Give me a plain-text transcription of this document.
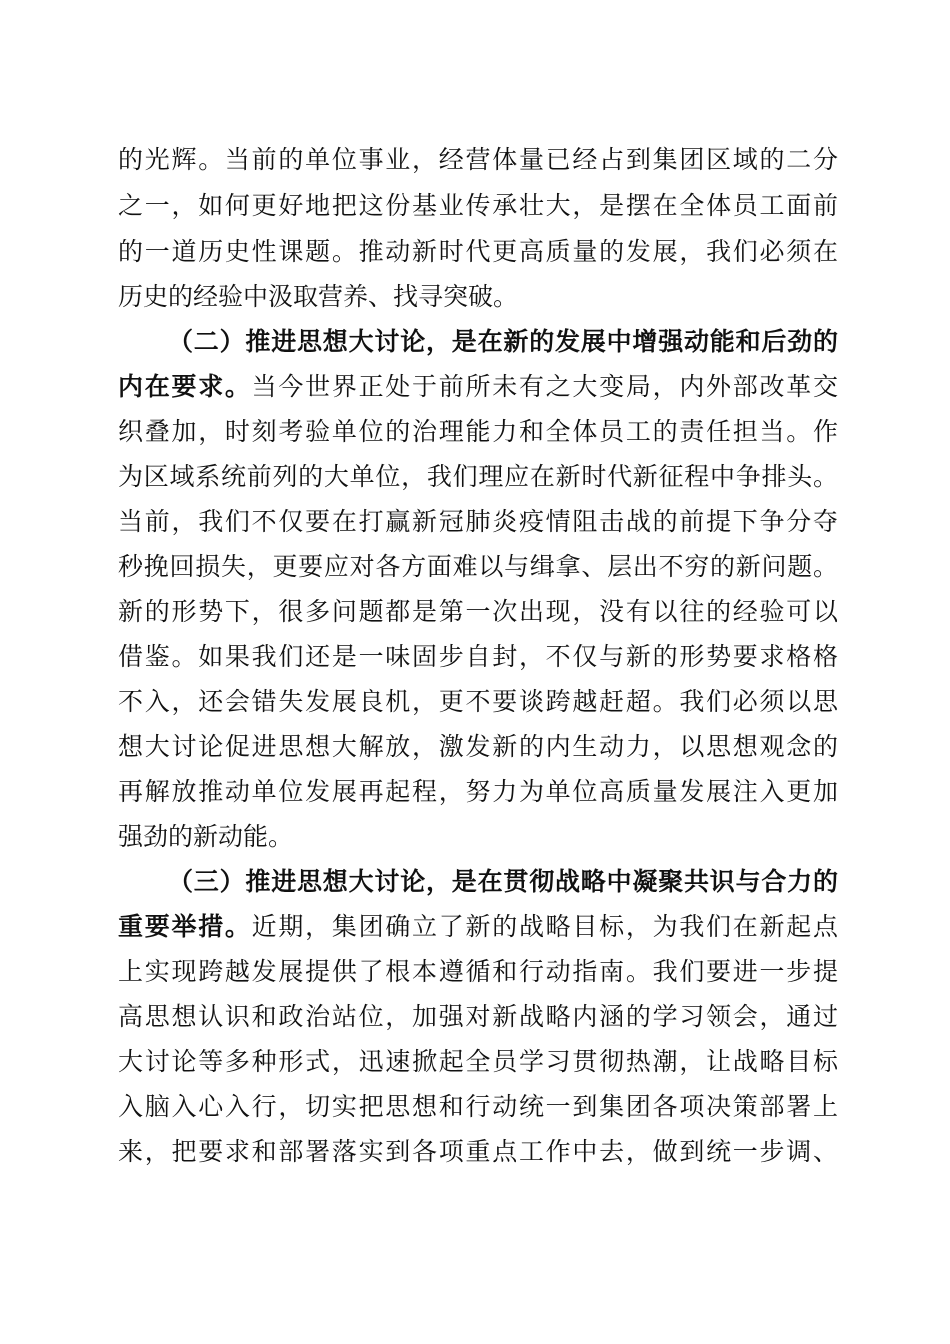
的光辉。当前的单位事业，经营体量已经占到集团区域的二分
之一，如何更好地把这份基业传承壮大，是摆在全体员工面前
的一道历史性课题。推动新时代更高质量的发展，我们必须在
历史的经验中汲取营养、找寻突破。
（二）推进思想大讨论，是在新的发展中增强动能和后劲的
内在要求。当今世界正处于前所未有之大变局，内外部改革交
织叠加，时刻考验单位的治理能力和全体员工的责任担当。作
为区域系统前列的大单位，我们理应在新时代新征程中争排头。
当前，我们不仅要在打赢新冠肺炎疫情阻击战的前提下争分夺
秒挽回损失，更要应对各方面难以与缉拿、层出不穷的新问题。
新的形势下，很多问题都是第一次出现，没有以往的经验可以
借鉴。如果我们还是一味固步自封，不仅与新的形势要求格格
不入，还会错失发展良机，更不要谈跨越赶超。我们必须以思
想大讨论促进思想大解放，激发新的内生动力，以思想观念的
再解放推动单位发展再起程，努力为单位高质量发展注入更加
强劲的新动能。
（三）推进思想大讨论，是在贯彻战略中凝聚共识与合力的
重要举措。近期，集团确立了新的战略目标，为我们在新起点
上实现跨越发展提供了根本遵循和行动指南。我们要进一步提
高思想认识和政治站位，加强对新战略内涵的学习领会，通过
大讨论等多种形式，迅速掀起全员学习贯彻热潮，让战略目标
入脑入心入行，切实把思想和行动统一到集团各项决策部署上
来，把要求和部署落实到各项重点工作中去，做到统一步调、
